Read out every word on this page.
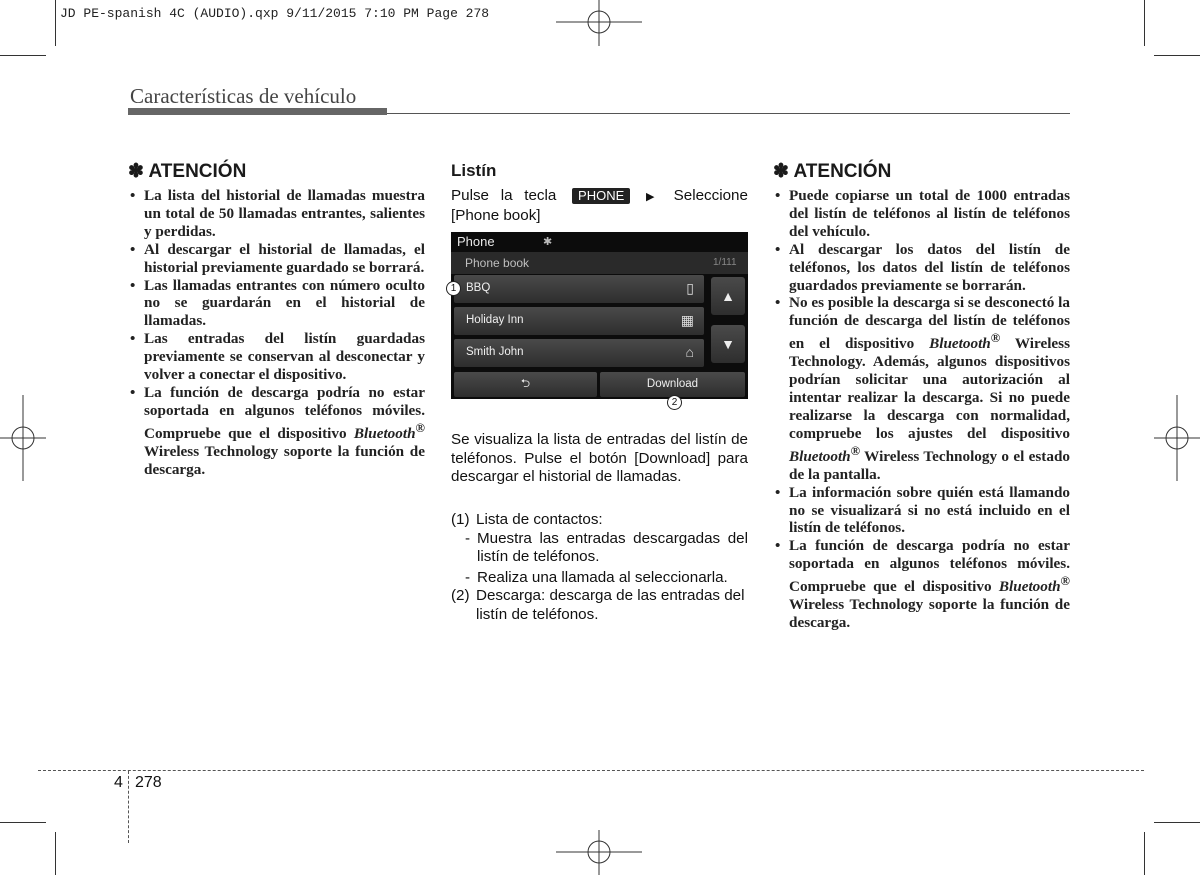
JD PE-spanish 4C (AUDIO).qxp 9/11/2015 7:10 PM Page 278
Características de vehículo
✽ ATENCIÓN
• La lista del historial de llamadas muestra un total de 50 llamadas entrantes, salientes y perdidas.
• Al descargar el historial de llamadas, el historial previamente guardado se borrará.
• Las llamadas entrantes con número oculto no se guardarán en el historial de llamadas.
• Las entradas del listín guardadas previamente se conservan al desconectar y volver a conectar el dispositivo.
• La función de descarga podría no estar soportada en algunos teléfonos móviles. Compruebe que el dispositivo Bluetooth® Wireless Technology soporte la función de descarga.
Listín

Pulse la tecla PHONE ▶ Seleccione [Phone book]

Phone	✱
Phone book	1/111
BBQ	▯
Holiday Inn	▦
Smith John	⌂
▲
▼
⮌	Download
1
2

Se visualiza la lista de entradas del listín de teléfonos. Pulse el botón [Download] para descargar el historial de llamadas.

(1) Lista de contactos:
- Muestra las entradas descargadas del listín de teléfonos.
- Realiza una llamada al seleccionarla.
(2) Descarga: descarga de las entradas del listín de teléfonos.
✽ ATENCIÓN
• Puede copiarse un total de 1000 entradas del listín de teléfonos al listín de teléfonos del vehículo.
• Al descargar los datos del listín de teléfonos, los datos del listín de teléfonos guardados previamente se borrarán.
• No es posible la descarga si se desconectó la función de descarga del listín de teléfonos en el dispositivo Bluetooth® Wireless Technology. Además, algunos dispositivos podrían solicitar una autorización al intentar realizar la descarga. Si no puede realizarse la descarga con normalidad, compruebe los ajustes del dispositivo Bluetooth® Wireless Technology o el estado de la pantalla.
• La información sobre quién está llamando no se visualizará si no está incluido en el listín de teléfonos.
• La función de descarga podría no estar soportada en algunos teléfonos móviles. Compruebe que el dispositivo Bluetooth® Wireless Technology soporte la función de descarga.
4 278
